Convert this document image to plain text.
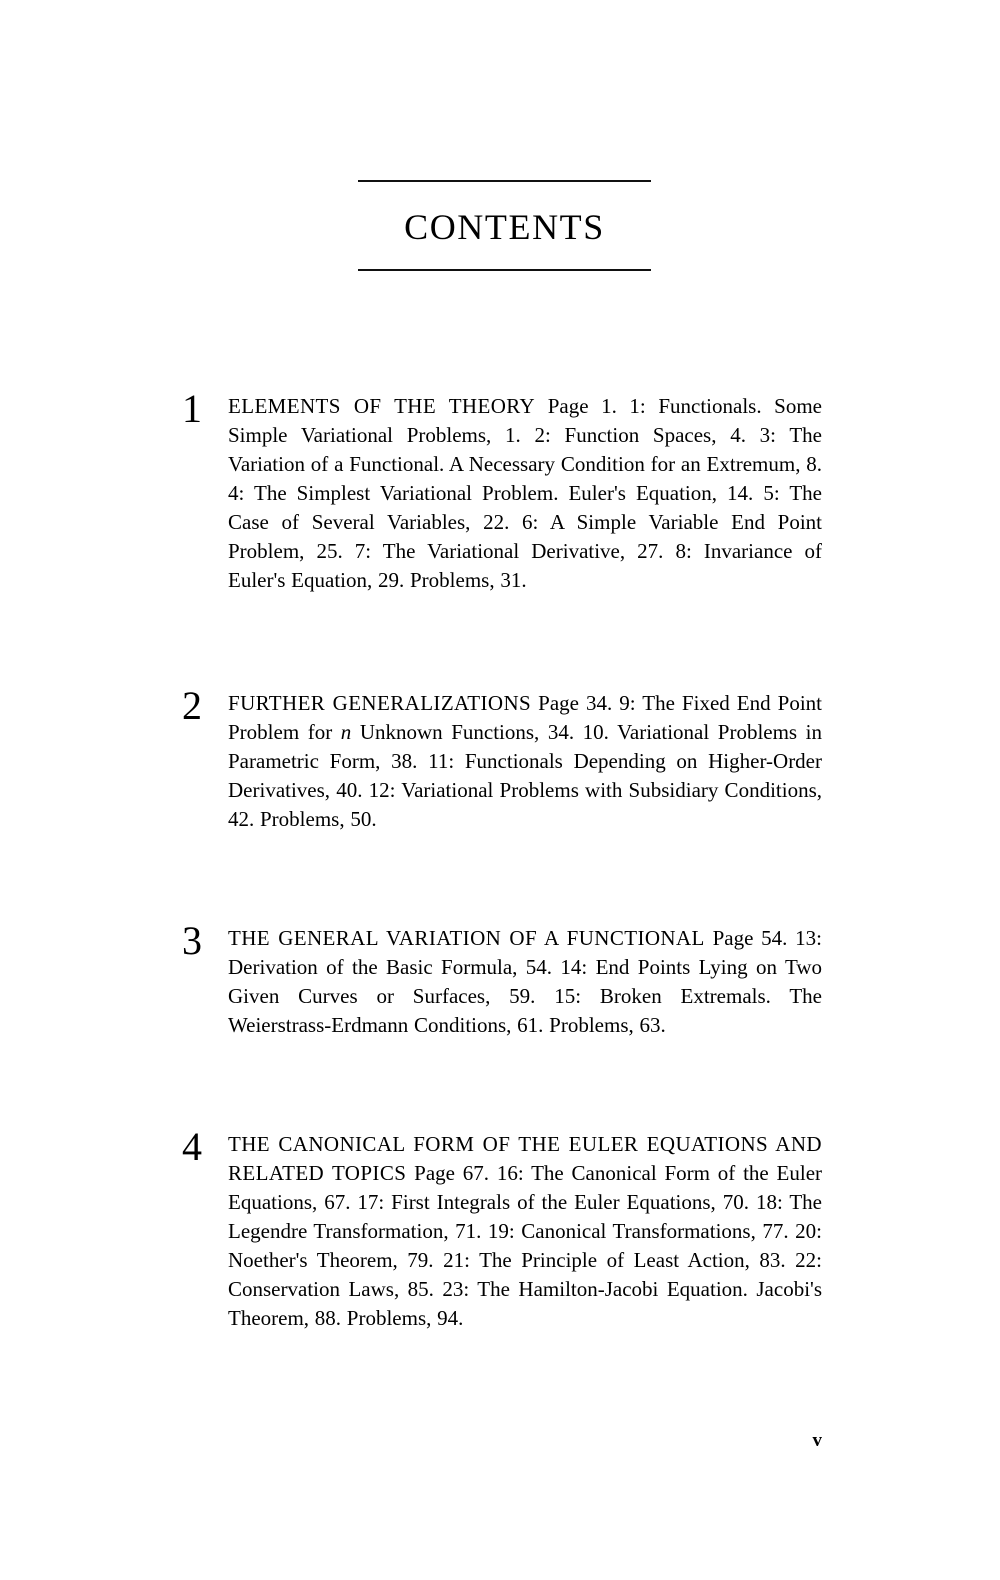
CONTENTS
1	ELEMENTS OF THE THEORY Page 1. 1: Functionals. Some Simple Variational Problems, 1. 2: Function Spaces, 4. 3: The Variation of a Functional. A Necessary Condition for an Extremum, 8. 4: The Simplest Variational Problem. Euler's Equation, 14. 5: The Case of Several Variables, 22. 6: A Simple Variable End Point Problem, 25. 7: The Variational Derivative, 27. 8: Invariance of Euler's Equation, 29. Problems, 31.
2	FURTHER GENERALIZATIONS Page 34. 9: The Fixed End Point Problem for n Unknown Functions, 34. 10. Variational Problems in Parametric Form, 38. 11: Functionals Depending on Higher-Order Derivatives, 40. 12: Variational Problems with Subsidiary Conditions, 42. Problems, 50.
3	THE GENERAL VARIATION OF A FUNCTIONAL Page 54. 13: Derivation of the Basic Formula, 54. 14: End Points Lying on Two Given Curves or Surfaces, 59. 15: Broken Extremals. The Weierstrass-Erdmann Conditions, 61. Problems, 63.
4	THE CANONICAL FORM OF THE EULER EQUATIONS AND RELATED TOPICS Page 67. 16: The Canonical Form of the Euler Equations, 67. 17: First Integrals of the Euler Equations, 70. 18: The Legendre Transformation, 71. 19: Canonical Transformations, 77. 20: Noether's Theorem, 79. 21: The Principle of Least Action, 83. 22: Conservation Laws, 85. 23: The Hamilton-Jacobi Equation. Jacobi's Theorem, 88. Problems, 94.
v
